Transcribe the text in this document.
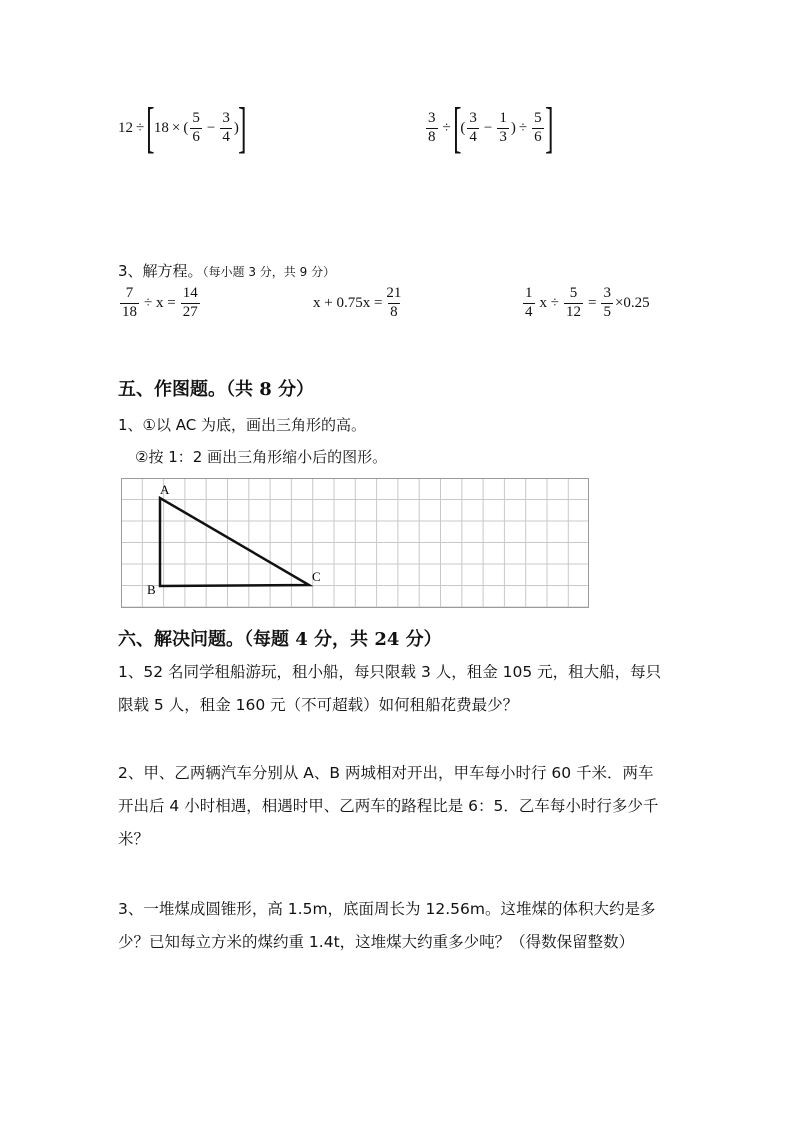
12 ÷ [ 18 × ( $\frac{5}{6} - \frac{3}{4}$ ) ]	$\frac{3}{8}$ ÷ [ ( $\frac{3}{4} - \frac{1}{3}$ ) ÷ $\frac{5}{6}$ ]
3、解方程。（每小题 3 分，共 9 分）
$\frac{7}{18} \div x = \frac{14}{27}$	$x + 0.75x = \frac{21}{8}$	$\frac{1}{4}$ $x \div \frac{5}{12} = \frac{3}{5} \times 0.25$
五、作图题。（共 8 分）
1、①以 AC 为底，画出三角形的高。
②按 1：2 画出三角形缩小后的图形。
A
B
C
六、解决问题。（每题 4 分，共 24 分）
1、52 名同学租船游玩，租小船，每只限载 3 人，租金 105 元，租大船，每只限载 5 人，租金 160 元（不可超载）如何租船花费最少？
2、甲、乙两辆汽车分别从 A、B 两城相对开出，甲车每小时行 60 千米．两车开出后 4 小时相遇，相遇时甲、乙两车的路程比是 6：5．乙车每小时行多少千米？
3、一堆煤成圆锥形，高 1.5m，底面周长为 12.56m。这堆煤的体积大约是多少？已知每立方米的煤约重 1.4t，这堆煤大约重多少吨？（得数保留整数）
